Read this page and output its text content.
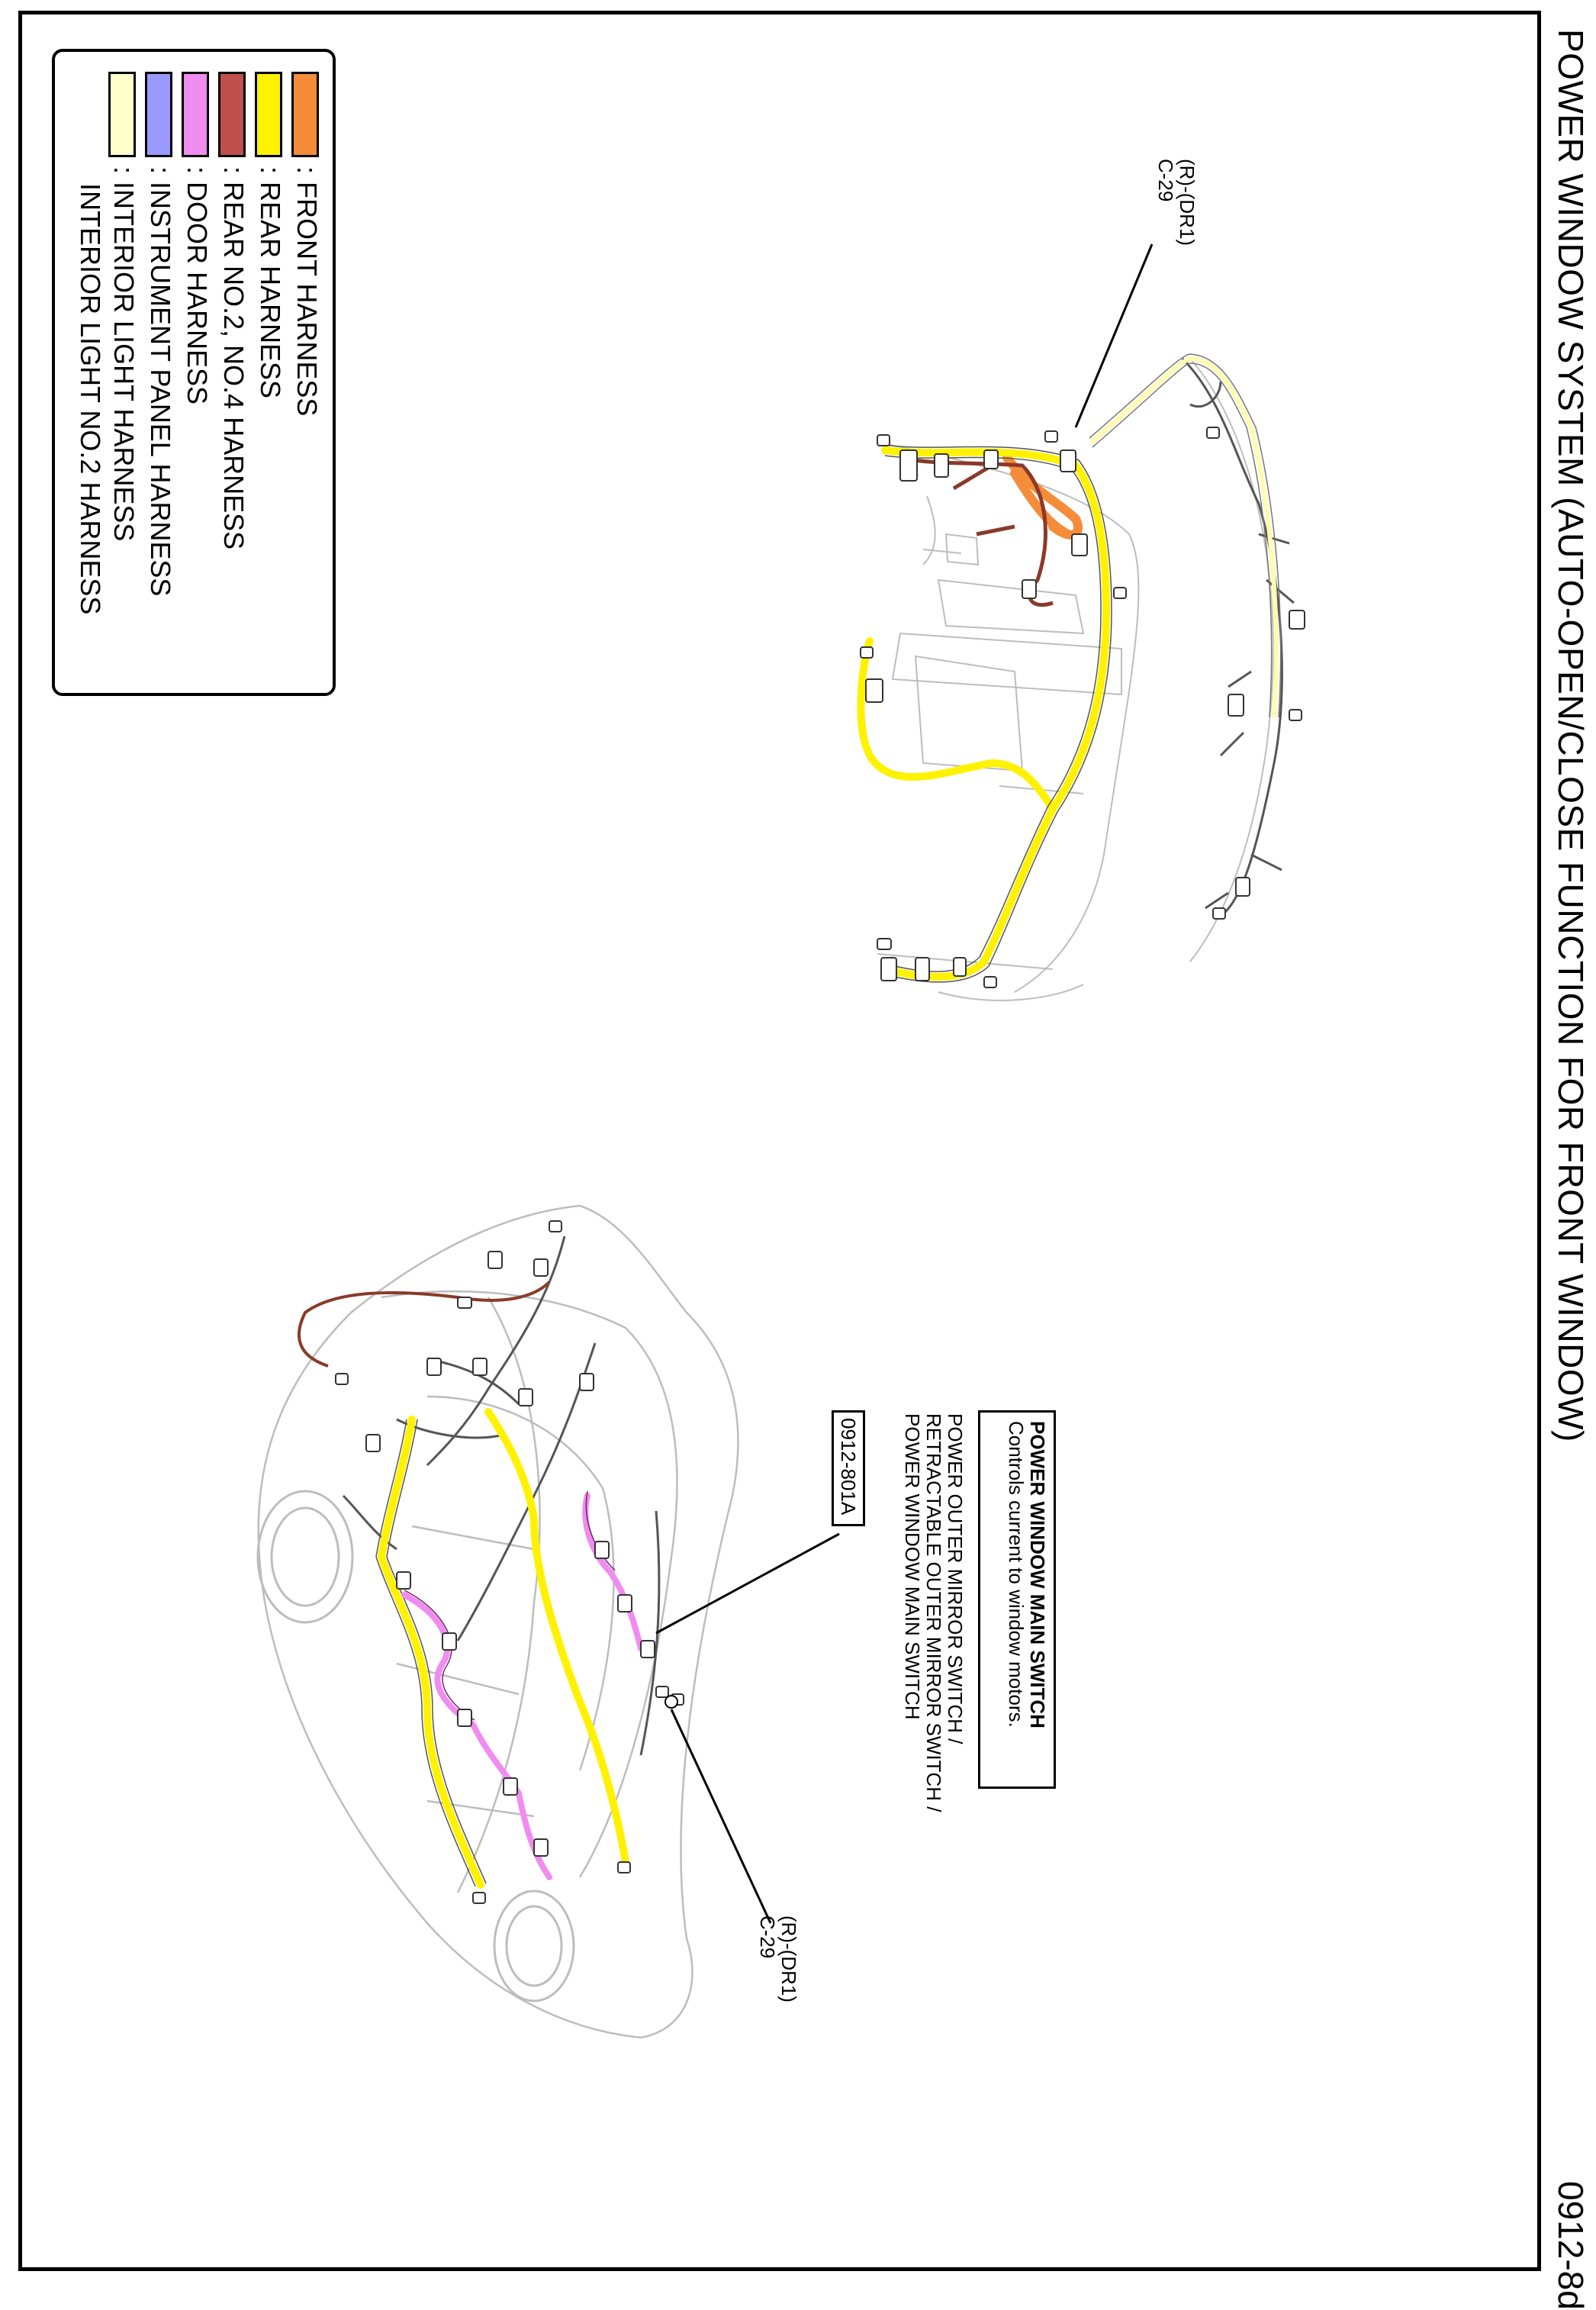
POWER WINDOW SYSTEM (AUTO-OPEN/CLOSE FUNCTION FOR FRONT WINDOW)
0912-8d
: FRONT HARNESS
: REAR HARNESS
: REAR NO.2, NO.4 HARNESS
: DOOR HARNESS
: INSTRUMENT PANEL HARNESS
: INTERIOR LIGHT HARNESS
INTERIOR LIGHT NO.2 HARNESS	(R)-(DR1)
C-29
(R)-(DR1)
C-29
POWER WINDOW MAIN SWITCH
Controls current to window motors.
POWER OUTER MIRROR SWITCH /
RETRACTABLE OUTER MIRROR SWITCH /
POWER WINDOW MAIN SWITCH
0912-801A
